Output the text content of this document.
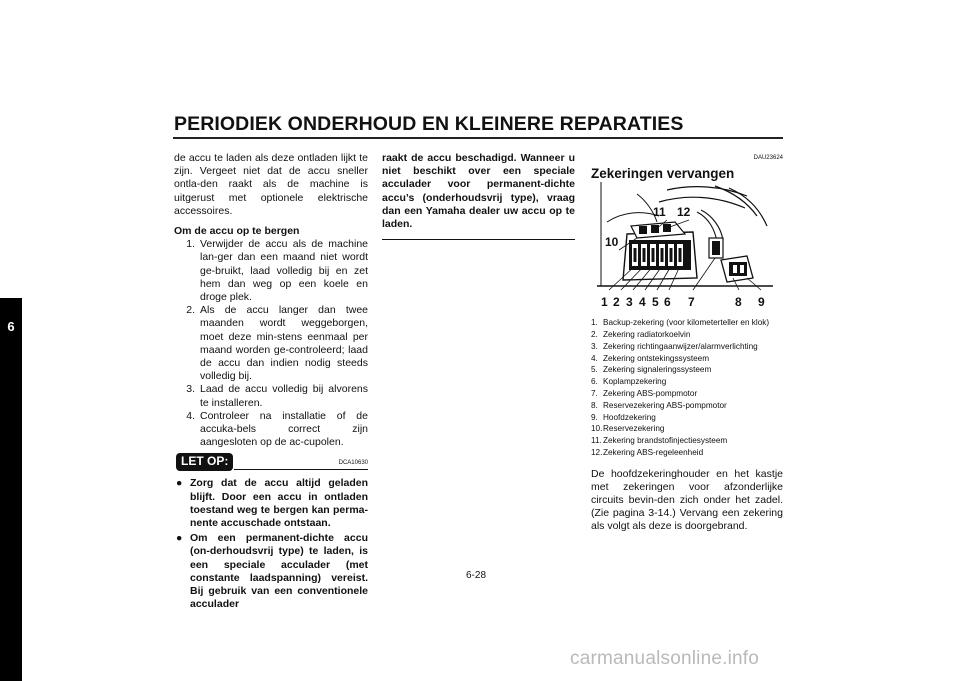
PERIODIEK ONDERHOUD EN KLEINERE REPARATIES
6
de accu te laden als deze ontladen lijkt te zijn. Vergeet niet dat de accu sneller ontla-den raakt als de machine is uitgerust met optionele elektrische accessoires.
Om de accu op te bergen
1. Verwijder de accu als de machine lan-ger dan een maand niet wordt ge-bruikt, laad volledig bij en zet hem dan weg op een koele en droge plek.
2. Als de accu langer dan twee maanden wordt weggeborgen, moet deze min-stens eenmaal per maand worden ge-controleerd; laad de accu dan indien nodig steeds volledig bij.
3. Laad de accu volledig bij alvorens te installeren.
4. Controleer na installatie of de accuka-bels correct zijn aangesloten op de ac-cupolen.
LET OP:	DCA10630
● Zorg dat de accu altijd geladen blijft. Door een accu in ontladen toestand weg te bergen kan perma-nente accuschade ontstaan.
● Om een permanent-dichte accu (on-derhoudsvrij type) te laden, is een speciale acculader (met constante laadspanning) vereist. Bij gebruik van een conventionele acculader
raakt de accu beschadigd. Wanneer u niet beschikt over een speciale acculader voor permanent-dichte accu’s (onderhoudsvrij type), vraag dan een Yamaha dealer uw accu op te laden.
DAU23624
Zekeringen vervangen
1 2 3 4 5 6 7	8 9
10
11 12
1. Backup-zekering (voor kilometerteller en klok)
2. Zekering radiatorkoelvin
3. Zekering richtingaanwijzer/alarmverlichting
4. Zekering ontstekingssysteem
5. Zekering signaleringssysteem
6. Koplampzekering
7. Zekering ABS-pompmotor
8. Reservezekering ABS-pompmotor
9. Hoofdzekering
10. Reservezekering
11. Zekering brandstofinjectiesysteem
12. Zekering ABS-regeleenheid
De hoofdzekeringhouder en het kastje met zekeringen voor afzonderlijke circuits bevin-den zich onder het zadel. (Zie pagina 3-14.) Vervang een zekering als volgt als deze is doorgebrand.
6-28
carmanualsonline.info
